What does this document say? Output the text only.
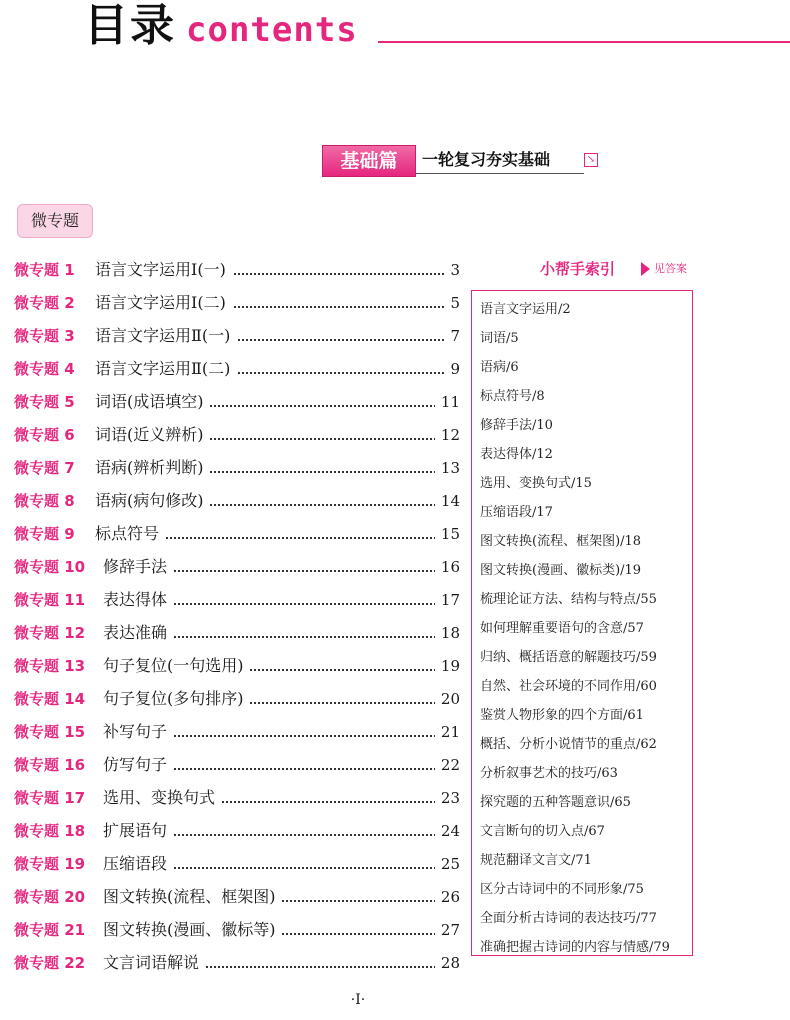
目录 contents
基础篇	一轮复习夯实基础	↘
微专题
微专题 1 语言文字运用Ⅰ(一)	3
微专题 2 语言文字运用Ⅰ(二)	5
微专题 3 语言文字运用Ⅱ(一)	7
微专题 4 语言文字运用Ⅱ(二)	9
微专题 5 词语(成语填空)	11
微专题 6 词语(近义辨析)	12
微专题 7 语病(辨析判断)	13
微专题 8 语病(病句修改)	14
微专题 9 标点符号	15
微专题 10 修辞手法	16
微专题 11 表达得体	17
微专题 12 表达准确	18
微专题 13 句子复位(一句选用)	19
微专题 14 句子复位(多句排序)	20
微专题 15 补写句子	21
微专题 16 仿写句子	22
微专题 17 选用、变换句式	23
微专题 18 扩展语句	24
微专题 19 压缩语段	25
微专题 20 图文转换(流程、框架图)	26
微专题 21 图文转换(漫画、徽标等)	27
微专题 22 文言词语解说	28
小帮手索引	见答案
语言文字运用/2
词语/5
语病/6
标点符号/8
修辞手法/10
表达得体/12
选用、变换句式/15
压缩语段/17
图文转换(流程、框架图)/18
图文转换(漫画、徽标类)/19
梳理论证方法、结构与特点/55
如何理解重要语句的含意/57
归纳、概括语意的解题技巧/59
自然、社会环境的不同作用/60
鉴赏人物形象的四个方面/61
概括、分析小说情节的重点/62
分析叙事艺术的技巧/63
探究题的五种答题意识/65
文言断句的切入点/67
规范翻译文言文/71
区分古诗词中的不同形象/75
全面分析古诗词的表达技巧/77
准确把握古诗词的内容与情感/79
·Ⅰ·
